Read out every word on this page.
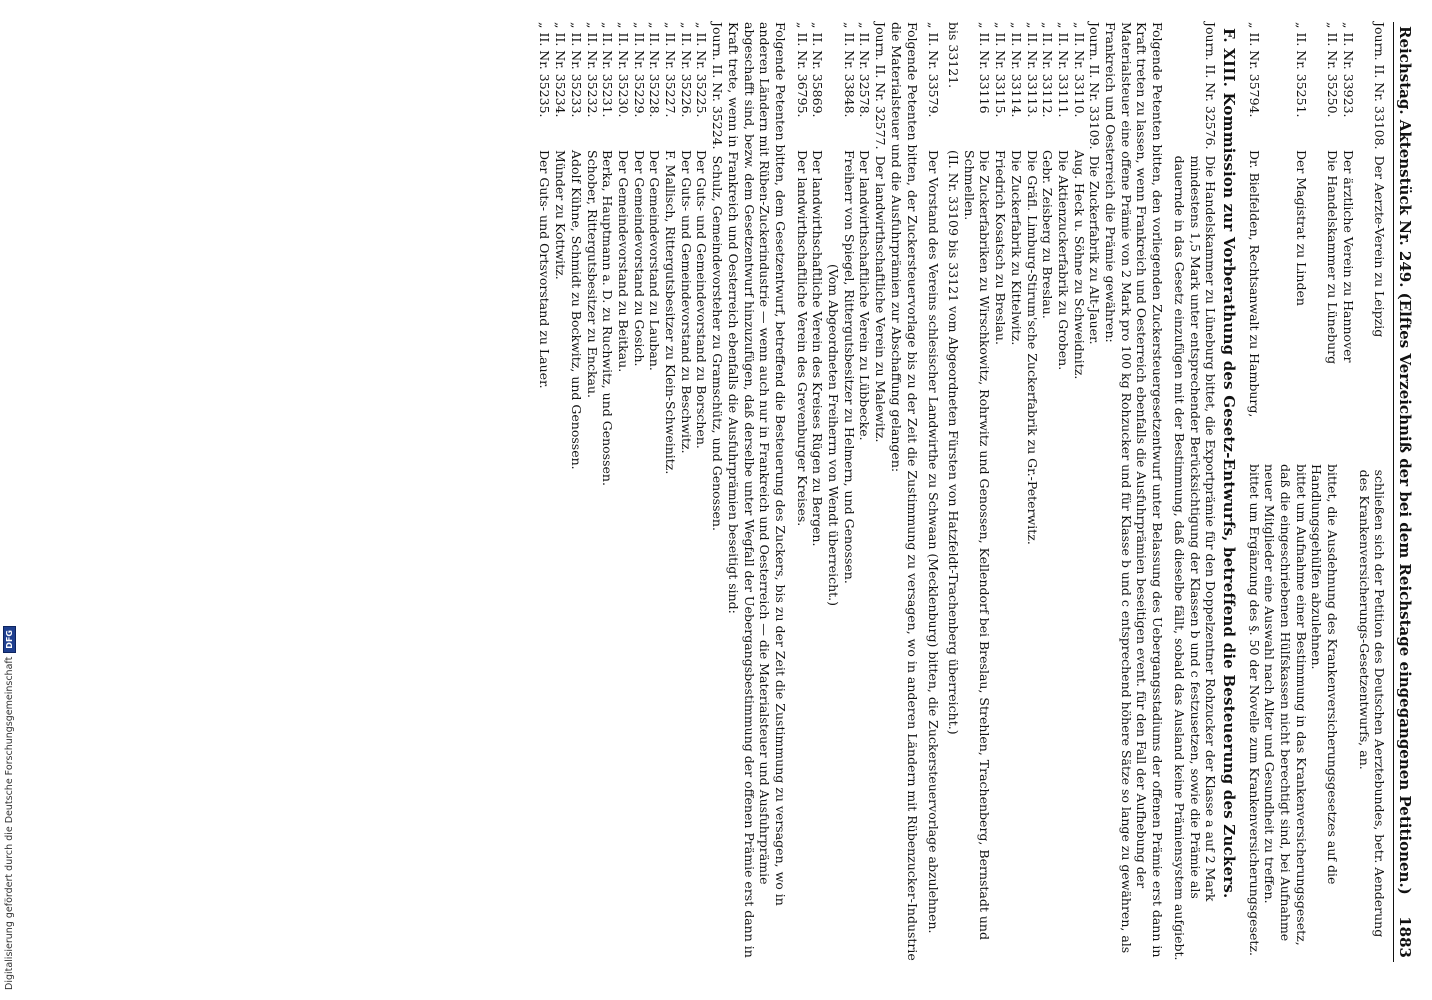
Digitalisierung gefördert durch die Deutsche Forschungsgemeinschaft
DFG	Reichstag. Aktenstück Nr. 249. (Elftes Verzeichniß der bei dem Reichstage eingegangenen Petitionen.)
1883
Journ. II. Nr. 33108.
Der Aerzte-Verein zu Leipzig
schließen sich der Petition des Deutschen Aerztebundes, betr. Aenderung des Krankenversicherungs-Gesetzentwurfs, an.
„ II. Nr. 33923.
Der ärztliche Verein zu Hannover
„ II. Nr. 35250.
Die Handelskammer zu Lüneburg
bittet, die Ausdehnung des Krankenversicherungsgesetzes auf die Handlungsgehülfen abzulehnen.
„ II. Nr. 35251.
Der Magistrat zu Linden
bittet um Aufnahme einer Bestimmung in das Krankenversicherungsgesetz, daß die eingeschriebenen Hülfskassen nicht berechtigt sind, bei Aufnahme neuer Mitglieder eine Auswahl nach Alter und Gesundheit zu treffen.
„ II. Nr. 35794.
Dr. Bielfelden, Rechtsanwalt zu Hamburg,
bittet um Ergänzung des §. 50 der Novelle zum Krankenversicherungsgesetz.
F. XIII. Kommission zur Vorberathung des Gesetz-Entwurfs, betreffend die Besteuerung des Zuckers.
Journ. II. Nr. 32576.
Die Handelskammer zu Lüneburg bittet, die Exportprämie für den Doppelzentner Rohzucker der Klasse a auf 2 Mark mindestens 1,5 Mark unter entsprechender Berücksichtigung der Klassen b und c festzusetzen, sowie die Prämie als dauernde in das Gesetz einzufügen mit der Bestimmung, daß dieselbe fällt, sobald das Ausland keine Prämiensystem aufgiebt.

Folgende Petenten bitten, den vorliegenden Zuckersteuergesetzentwurf unter Belassung des Uebergangsstadiums der offenen Prämie erst dann in Kraft treten zu lassen, wenn Frankreich und Oesterreich ebenfalls die Ausfuhrprämien beseitigen event. für den Fall der Aufhebung der Materialsteuer eine offene Prämie von 2 Mark pro 100 kg Rohzucker und für Klasse b und c entsprechend höhere Sätze so lange zu gewähren, als Frankreich und Oesterreich die Prämie gewähren:

Journ. II. Nr. 33109.
Die Zuckerfabrik zu Alt-Jauer.
„ II. Nr. 33110.
Aug. Heck u. Söhne zu Schweidnitz.
„ II. Nr. 33111.
Die Aktienzuckerfabrik zu Groben.
„ II. Nr. 33112.
Gebr. Zeisberg zu Breslau.
„ II. Nr. 33113.
Die Gräfl. Limburg-Stirum'sche Zuckerfabrik zu Gr.-Peterwitz.
„ II. Nr. 33114.
Die Zuckerfabrik zu Kittelwitz.
„ II. Nr. 33115.
Friedrich Kosatsch zu Breslau.
„ II. Nr. 33116
Die Zuckerfabriken zu Wirschkowitz, Rohrwitz und Genossen, Kellendorf bei Breslau, Strehlen, Trachenberg, Bernstadt und Schmellen.
bis 33121.
(II. Nr. 33109 bis 33121 vom Abgeordneten Fürsten von Hatzfeldt-Trachenberg überreicht.)
„ II. Nr. 33579.
Der Vorstand des Vereins schlesischer Landwirthe zu Schwaan (Mecklenburg) bitten, die Zuckersteuervorlage abzulehnen.

Folgende Petenten bitten, der Zuckersteuervorlage bis zu der Zeit die Zustimmung zu versagen, wo in anderen Ländern mit Rübenzucker-Industrie die Materialsteuer und die Ausfuhrprämien zur Abschaffung gelangen:

Journ. II. Nr. 32577.
Der landwirthschaftliche Verein zu Malewitz.
„ II. Nr. 32578.
Der landwirthschaftliche Verein zu Lübbecke.
„ II. Nr. 33848.
Freiherr von Spiegel, Rittergutsbesitzer zu Helmern, und Genossen.
(Vom Abgeordneten Freiherrn von Wendt überreicht.)
„ II. Nr. 35869.
Der landwirthschaftliche Verein des Kreises Rügen zu Bergen.
„ II. Nr. 36795.
Der landwirthschaftliche Verein des Grevenburger Kreises.

Folgende Petenten bitten, dem Gesetzentwurf, betreffend die Besteuerung des Zuckers, bis zu der Zeit die Zustimmung zu versagen, wo in anderen Ländern mit Rüben-Zuckerindustrie — wenn auch nur in Frankreich und Oesterreich — die Materialsteuer und Ausfuhrprämie abgeschafft sind, bezw. dem Gesetzentwurf hinzuzufügen, daß derselbe unter Wegfall der Uebergangsbestimmung der offenen Prämie erst dann in Kraft trete, wenn in Frankreich und Oesterreich ebenfalls die Ausfuhrprämien beseitigt sind:

Journ. II. Nr. 35224.
Schulz, Gemeindevorsteher zu Gramschütz, und Genossen.
„ II. Nr. 35225.
Der Guts- und Gemeindevorstand zu Borschen.
„ II. Nr. 35226.
Der Guts- und Gemeindevorstand zu Beschwitz.
„ II. Nr. 35227.
F. Mallisch, Rittergutsbesitzer zu Klein-Schweinitz.
„ II. Nr. 35228.
Der Gemeindevorstand zu Lauban.
„ II. Nr. 35229.
Der Gemeindevorstand zu Gosich.
„ II. Nr. 35230.
Der Gemeindevorstand zu Beitkau.
„ II. Nr. 35231.
Berka, Hauptmann a. D. zu Ruchwitz, und Genossen.
„ II. Nr. 35232.
Schober, Rittergutsbesitzer zu Enckau.
„ II. Nr. 35233.
Adolf Kühne, Schmidt zu Bockwitz, und Genossen.
„ II. Nr. 35234.
Münder zu Kottwitz.
„ II. Nr. 35235.
Der Guts- und Ortsvorstand zu Lauer.
